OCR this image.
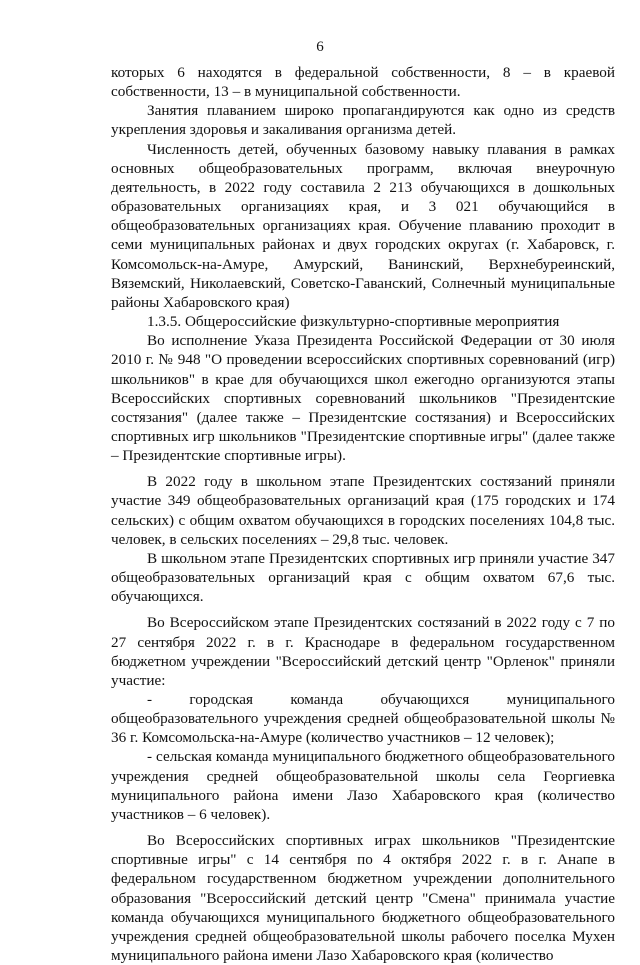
6

которых 6 находятся в федеральной собственности, 8 – в краевой собственности, 13 – в муниципальной собственности.

Занятия плаванием широко пропагандируются как одно из средств укрепления здоровья и закаливания организма детей.

Численность детей, обученных базовому навыку плавания в рамках основных общеобразовательных программ, включая внеурочную деятельность, в 2022 году составила 2 213 обучающихся в дошкольных образовательных организациях края, и 3 021 обучающийся в общеобразовательных организациях края. Обучение плаванию проходит в семи муниципальных районах и двух городских округах (г. Хабаровск, г. Комсомольск-на-Амуре, Амурский, Ванинский, Верхнебуреинский, Вяземский, Николаевский, Советско-Гаванский, Солнечный муниципальные районы Хабаровского края)

1.3.5. Общероссийские физкультурно-спортивные мероприятия

Во исполнение Указа Президента Российской Федерации от 30 июля 2010 г. № 948 "О проведении всероссийских спортивных соревнований (игр) школьников" в крае для обучающихся школ ежегодно организуются этапы Всероссийских спортивных соревнований школьников "Президентские состязания" (далее также – Президентские состязания) и Всероссийских спортивных игр школьников "Президентские спортивные игры" (далее также – Президентские спортивные игры).

В 2022 году в школьном этапе Президентских состязаний приняли участие 349 общеобразовательных организаций края (175 городских и 174 сельских) с общим охватом обучающихся в городских поселениях 104,8 тыс. человек, в сельских поселениях – 29,8 тыс. человек.

В школьном этапе Президентских спортивных игр приняли участие 347 общеобразовательных организаций края с общим охватом 67,6 тыс. обучающихся.

Во Всероссийском этапе Президентских состязаний в 2022 году с 7 по 27 сентября 2022 г. в г. Краснодаре в федеральном государственном бюджетном учреждении "Всероссийский детский центр "Орленок" приняли участие:

- городская команда обучающихся муниципального общеобразовательного учреждения средней общеобразовательной школы № 36 г. Комсомольска-на-Амуре (количество участников – 12 человек);

- сельская команда муниципального бюджетного общеобразовательного учреждения средней общеобразовательной школы села Георгиевка муниципального района имени Лазо Хабаровского края (количество участников – 6 человек).

Во Всероссийских спортивных играх школьников "Президентские спортивные игры" с 14 сентября по 4 октября 2022 г. в г. Анапе в федеральном государственном бюджетном учреждении дополнительного образования "Всероссийский детский центр "Смена" принимала участие команда обучающихся муниципального бюджетного общеобразовательного учреждения средней общеобразовательной школы рабочего поселка Мухен муниципального района имени Лазо Хабаровского края (количество
